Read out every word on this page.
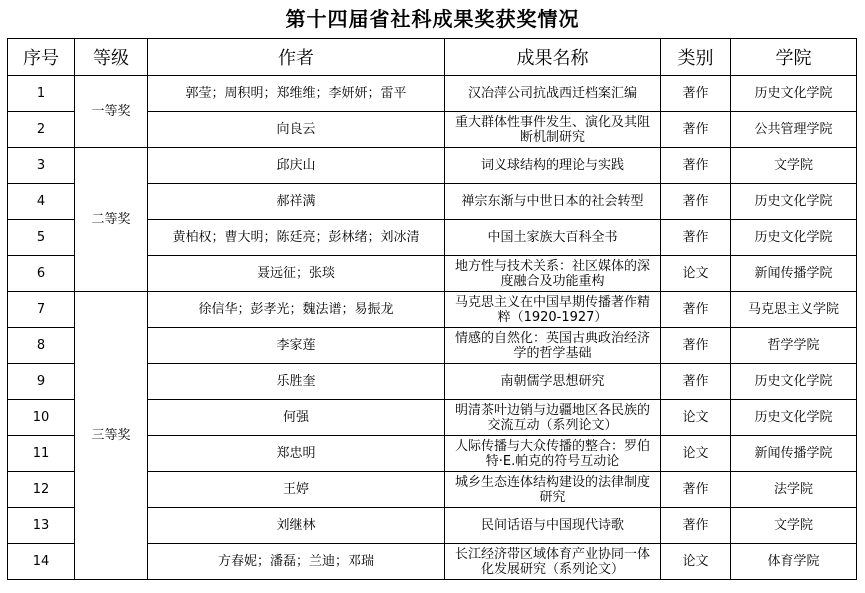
第十四届省社科成果奖获奖情况
序号	等级	作者	成果名称	类别	学院
1	一等奖	郭莹；周积明；郑维维；李妍妍；雷平	汉冶萍公司抗战西迁档案汇编	著作	历史文化学院
2		向良云	重大群体性事件发生、演化及其阻断机制研究	著作	公共管理学院
3	二等奖	邱庆山	词义球结构的理论与实践	著作	文学院
4		郝祥满	禅宗东渐与中世日本的社会转型	著作	历史文化学院
5		黄柏权；曹大明；陈廷亮；彭林绪；刘冰清	中国土家族大百科全书	著作	历史文化学院
6		聂远征；张琰	地方性与技术关系：社区媒体的深度融合及功能重构	论文	新闻传播学院
7	三等奖	徐信华；彭孝光；魏法谱；易振龙	马克思主义在中国早期传播著作精粹（1920-1927）	著作	马克思主义学院
8		李家莲	情感的自然化：英国古典政治经济学的哲学基础	著作	哲学学院
9		乐胜奎	南朝儒学思想研究	著作	历史文化学院
10		何强	明清茶叶边销与边疆地区各民族的交流互动（系列论文）	论文	历史文化学院
11		郑忠明	人际传播与大众传播的整合：罗伯特·E.帕克的符号互动论	论文	新闻传播学院
12		王婷	城乡生态连体结构建设的法律制度研究	著作	法学院
13		刘继林	民间话语与中国现代诗歌	著作	文学院
14		方春妮；潘磊；兰迪；邓瑞	长江经济带区域体育产业协同一体化发展研究（系列论文）	论文	体育学院
